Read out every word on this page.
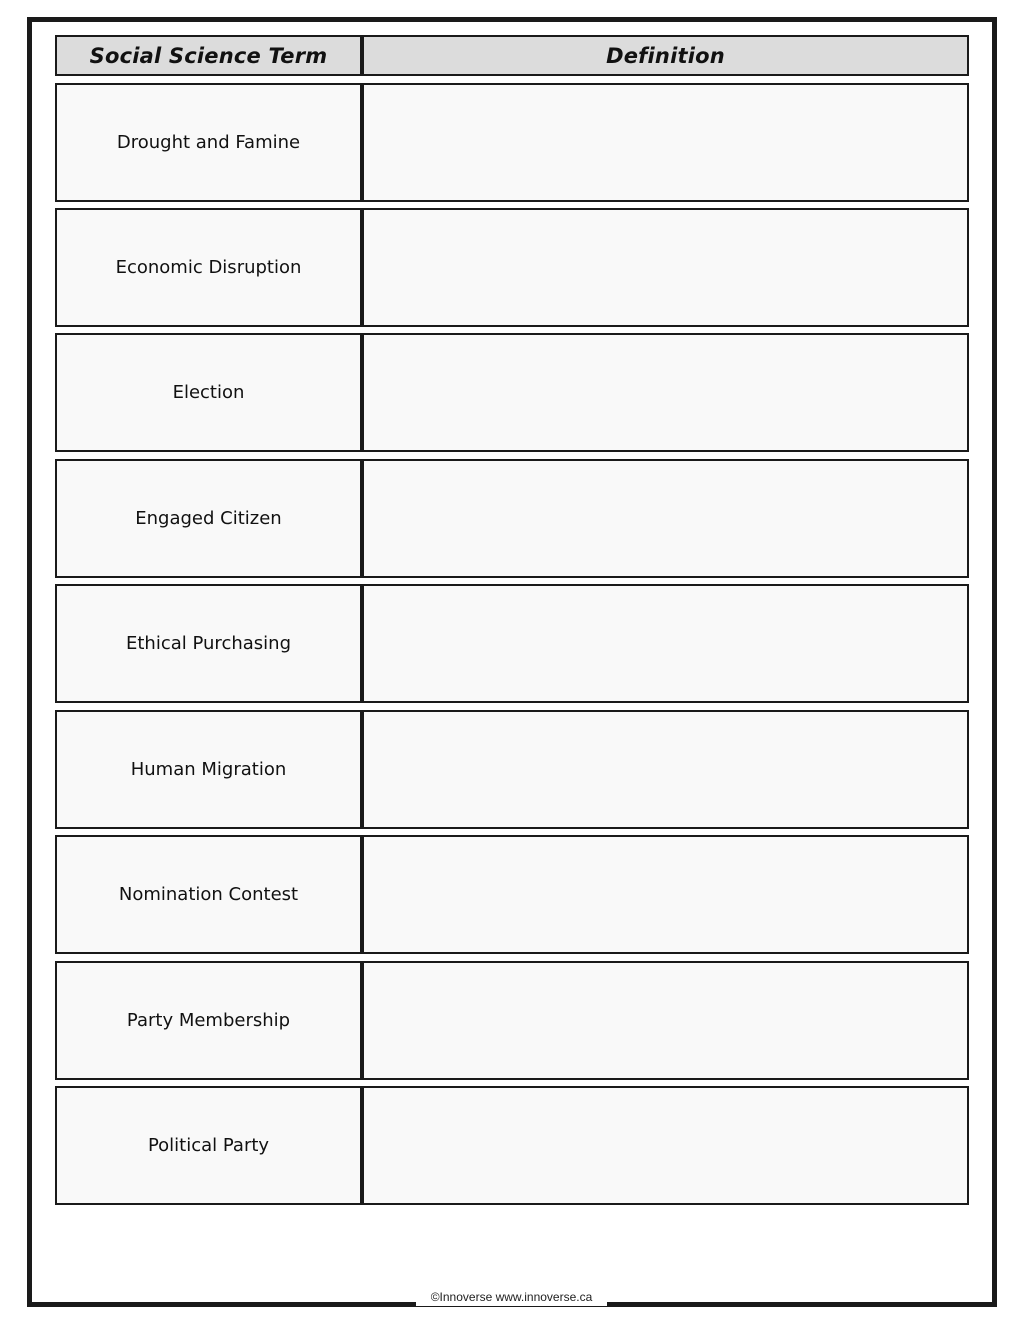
Social Science Term	Definition
Drought and Famine
Economic Disruption
Election
Engaged Citizen
Ethical Purchasing
Human Migration
Nomination Contest
Party Membership
Political Party
©Innoverse www.innoverse.ca
